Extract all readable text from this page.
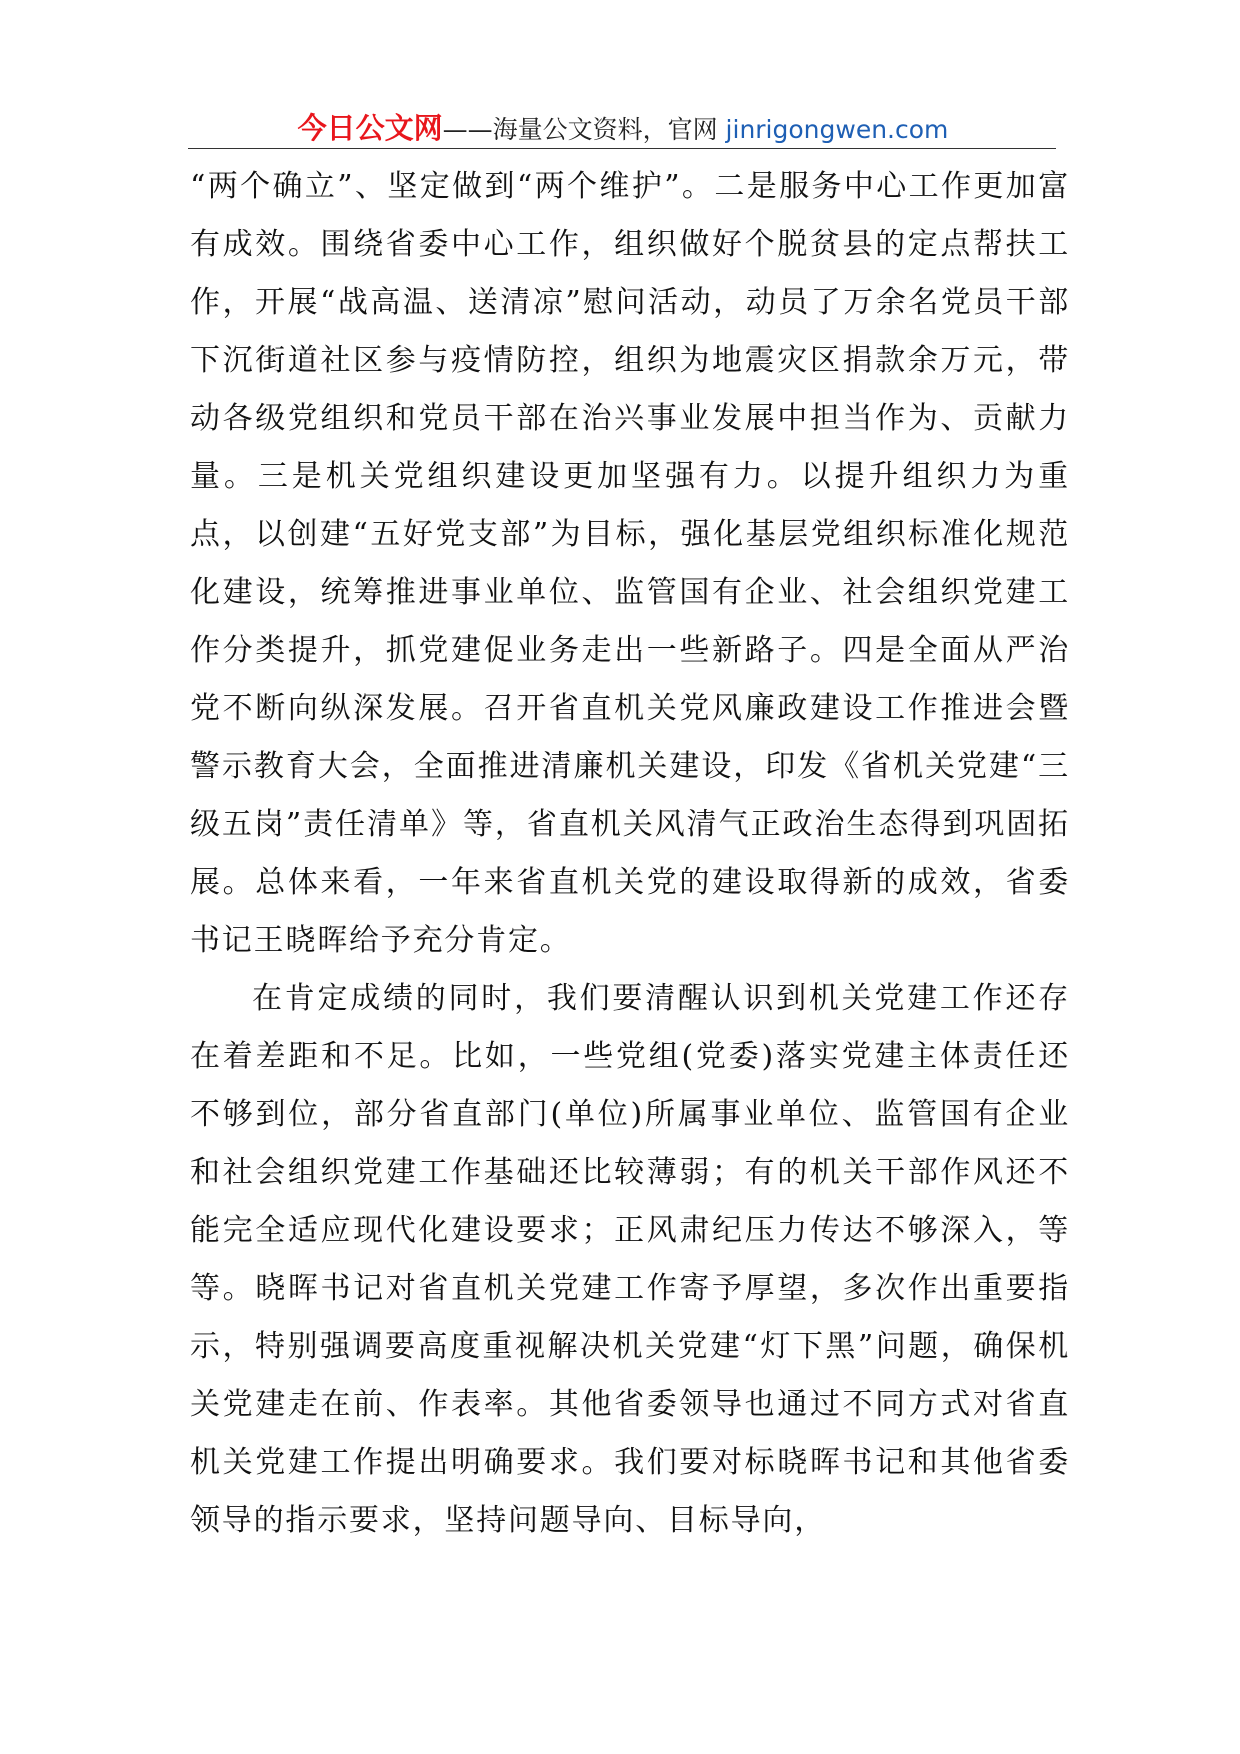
今日公文网——海量公文资料，官网 jinrigongwen.com

“两个确立”、坚定做到“两个维护”。二是服务中心工作更加富有成效。围绕省委中心工作，组织做好个脱贫县的定点帮扶工作，开展“战高温、送清凉”慰问活动，动员了万余名党员干部下沉街道社区参与疫情防控，组织为地震灾区捐款余万元，带动各级党组织和党员干部在治兴事业发展中担当作为、贡献力量。三是机关党组织建设更加坚强有力。以提升组织力为重点，以创建“五好党支部”为目标，强化基层党组织标准化规范化建设，统筹推进事业单位、监管国有企业、社会组织党建工作分类提升，抓党建促业务走出一些新路子。四是全面从严治党不断向纵深发展。召开省直机关党风廉政建设工作推进会暨警示教育大会，全面推进清廉机关建设，印发《省机关党建“三级五岗”责任清单》等，省直机关风清气正政治生态得到巩固拓展。总体来看，一年来省直机关党的建设取得新的成效，省委书记王晓晖给予充分肯定。

在肯定成绩的同时，我们要清醒认识到机关党建工作还存在着差距和不足。比如，一些党组(党委)落实党建主体责任还不够到位，部分省直部门(单位)所属事业单位、监管国有企业和社会组织党建工作基础还比较薄弱；有的机关干部作风还不能完全适应现代化建设要求；正风肃纪压力传达不够深入，等等。晓晖书记对省直机关党建工作寄予厚望，多次作出重要指示，特别强调要高度重视解决机关党建“灯下黑”问题，确保机关党建走在前、作表率。其他省委领导也通过不同方式对省直机关党建工作提出明确要求。我们要对标晓晖书记和其他省委领导的指示要求，坚持问题导向、目标导向，
